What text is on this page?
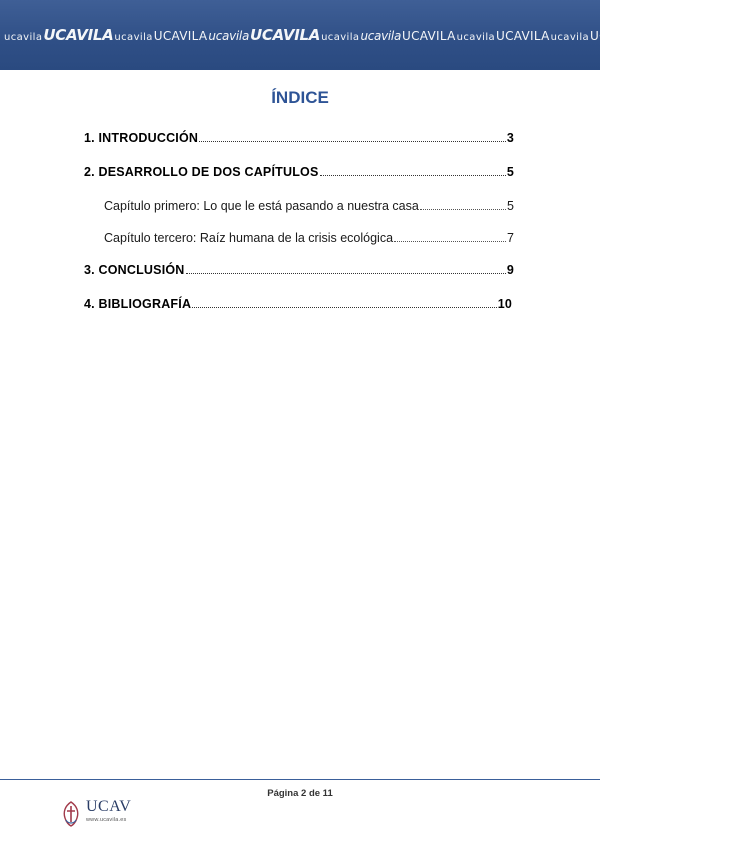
ucavilaUCAVILAucavilaUCAVILAucavilaUCAVILAucavilaucavilaUCAVILAucavilaUCAVILAucavilaUCAVILAucavilaUCAVILA
ÍNDICE
1. INTRODUCCIÓN	3
2. DESARROLLO DE DOS CAPÍTULOS	5
Capítulo primero: Lo que le está pasando a nuestra casa	5
Capítulo tercero: Raíz humana de la crisis ecológica	7
3. CONCLUSIÓN	9
4. BIBLIOGRAFÍA	10
Página 2 de 11
UCAV
www.ucavila.es
